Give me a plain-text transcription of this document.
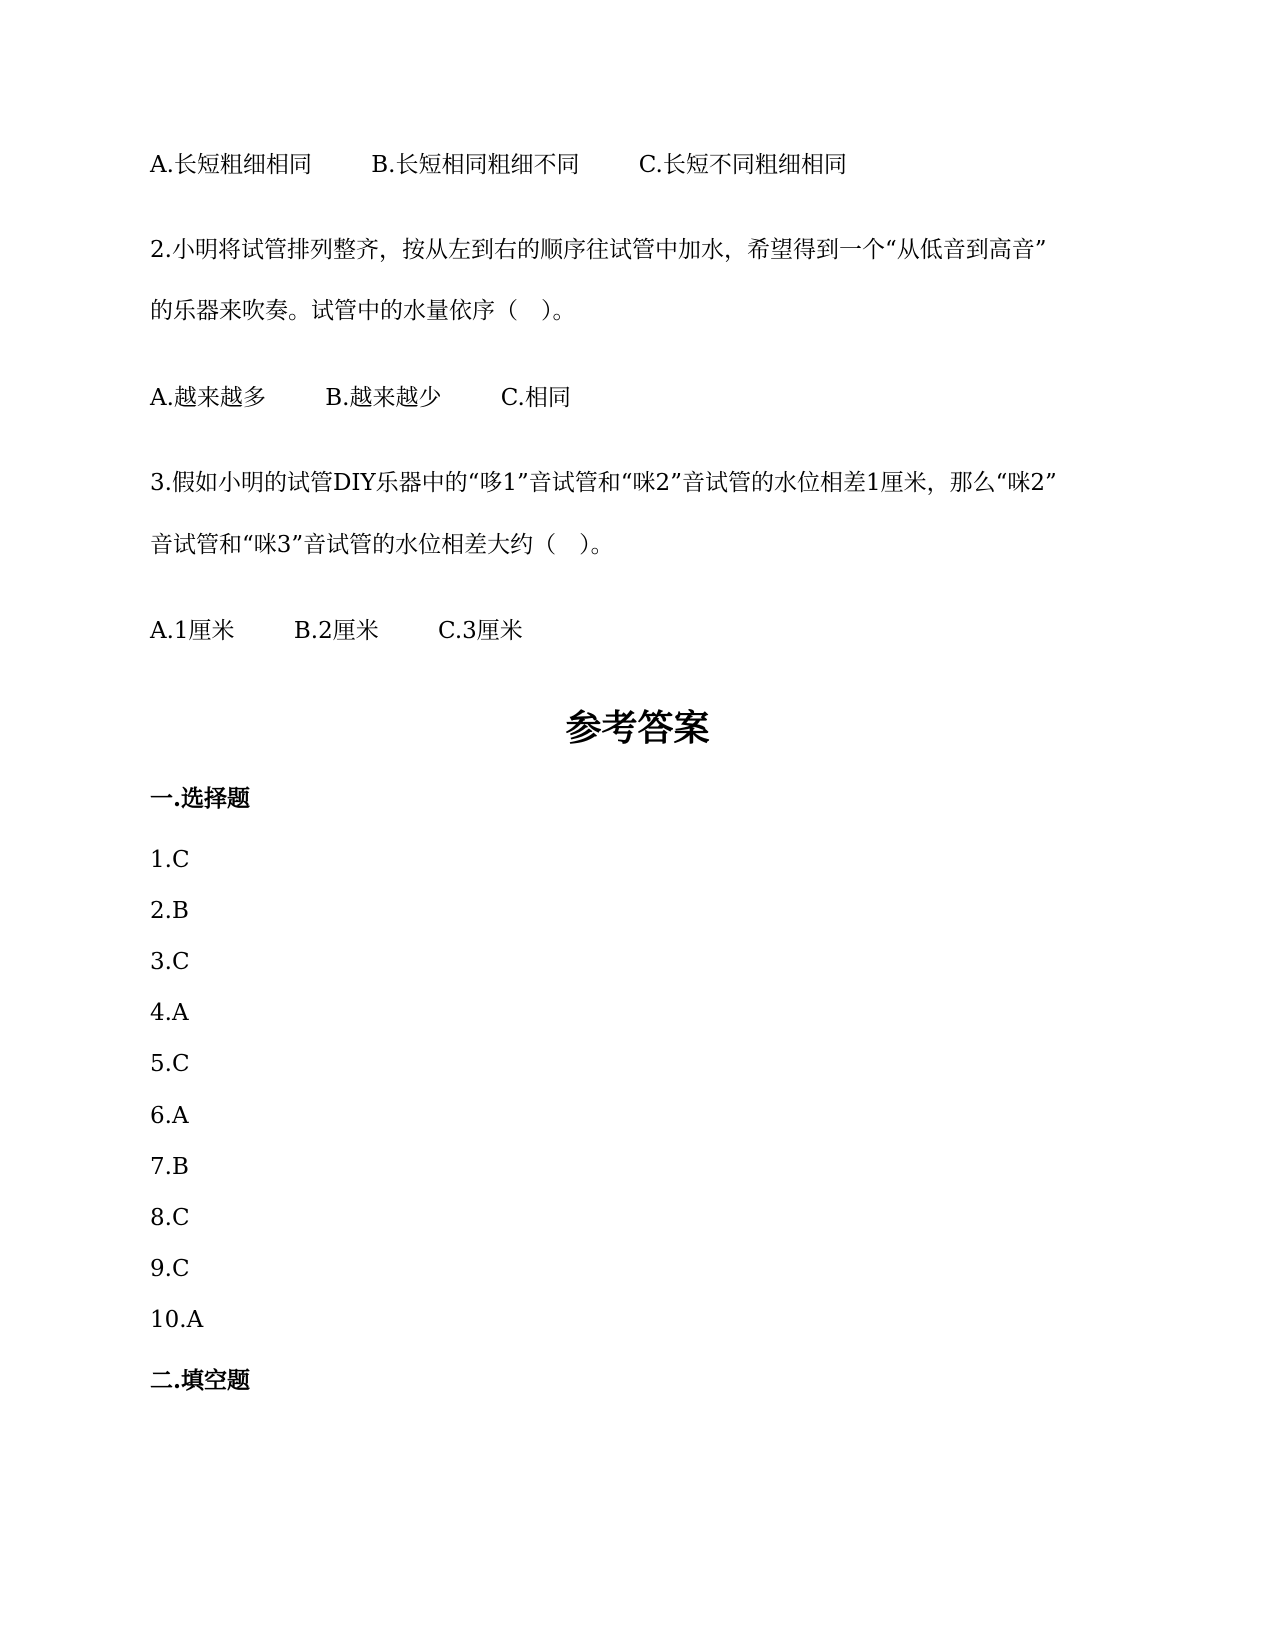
A.长短粗细相同	B.长短相同粗细不同	C.长短不同粗细相同
2.小明将试管排列整齐，按从左到右的顺序往试管中加水，希望得到一个“从低音到高音”
的乐器来吹奏。试管中的水量依序（　）。
A.越来越多	B.越来越少	C.相同
3.假如小明的试管DIY乐器中的“哆1”音试管和“咪2”音试管的水位相差1厘米，那么“咪2”
音试管和“咪3”音试管的水位相差大约（　）。
A.1厘米	B.2厘米	C.3厘米
参考答案
一.选择题
1.C
2.B
3.C
4.A
5.C
6.A
7.B
8.C
9.C
10.A
二.填空题
